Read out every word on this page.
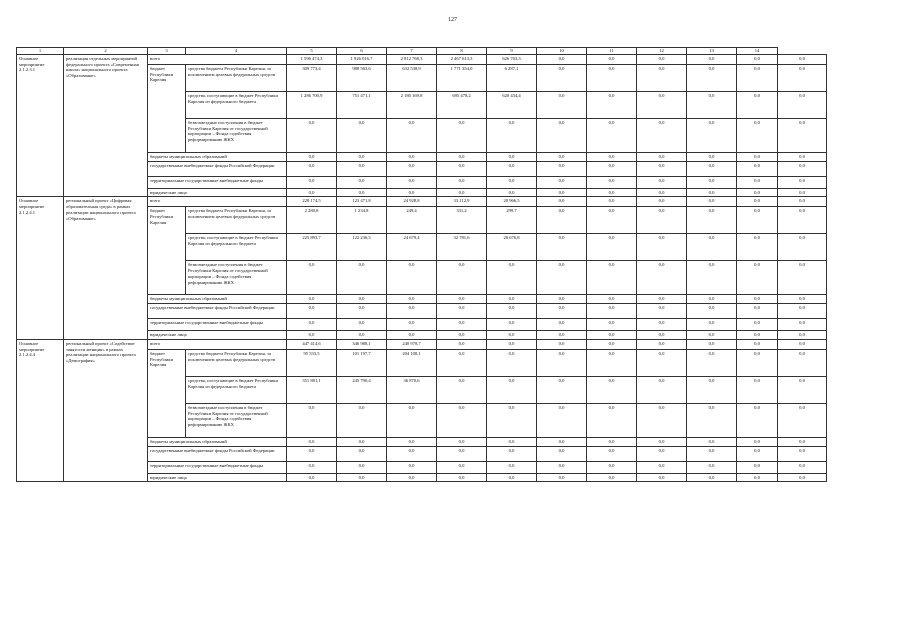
127
1	2	3	4	5	6	7	8	9	10	11	12	13	14	
Основное мероприятие 2.1.2.3.1	реализация отдельных мероприятий федерального проекта «Современная школа» национального проекта «Образование»	всего		1 596 474,3	1 926 016,7	2 812 768,3	2 467 613,3	626 763,3	0,0	0,0	0,0	0,0	0,0	0,0
		бюджет Республики Карелия	средства бюджета Республики Карелия, за исключением целевых федеральных средств	309 773,4	988 563,6	632 538,9	1 771 354,0	6 287,1	0,0	0,0	0,0	0,0	0,0	0,0
			средства, поступающие в бюджет Республики Карелия из федерального бюджета	1 286 700,9	751 471,1	2 180 169,8	695 478,2	620 434,4	0,0	0,0	0,0	0,0	0,0	0,0
			безвозмездные поступления в бюджет Республики Карелия от государственной корпорации – Фонда содействия реформированию ЖКХ	0,0	0,0	0,0	0,0	0,0	0,0	0,0	0,0	0,0	0,0	0,0
		бюджеты муниципальных образований		0,0	0,0	0,0	0,0	0,0	0,0	0,0	0,0	0,0	0,0	0,0
		государственные внебюджетные фонды Российской Федерации		0,0	0,0	0,0	0,0	0,0	0,0	0,0	0,0	0,0	0,0	0,0
		территориальные государственные внебюджетные фонды		0,0	0,0	0,0	0,0	0,0	0,0	0,0	0,0	0,0	0,0	0,0
		юридические лица		0,0	0,0	0,0	0,0	0,0	0,0	0,0	0,0	0,0	0,0	0,0
Основное мероприятие 2.1.2.4.1	региональный проект «Цифровая образовательная среда» в рамках реализации национального проекта «Образование»	всего		228 174,5	123 471,8	24 928,8	33 112,9	20 966,5	0,0	0,0	0,0	0,0	0,0	0,0
		бюджет Республики Карелия	средства бюджета Республики Карелия, за исключением целевых федеральных средств	2 280,8	1 234,8	249,4	331,2	299,7	0,0	0,0	0,0	0,0	0,0	0,0
			средства, поступающие в бюджет Республики Карелия из федерального бюджета	225 893,7	122 236,5	24 679,4	32 781,6	20 676,8	0,0	0,0	0,0	0,0	0,0	0,0
			безвозмездные поступления в бюджет Республики Карелия от государственной корпорации – Фонда содействия реформированию ЖКХ	0,0	0,0	0,0	0,0	0,0	0,0	0,0	0,0	0,0	0,0	0,0
		бюджеты муниципальных образований		0,0	0,0	0,0	0,0	0,0	0,0	0,0	0,0	0,0	0,0	0,0
		государственные внебюджетные фонды Российской Федерации		0,0	0,0	0,0	0,0	0,0	0,0	0,0	0,0	0,0	0,0	0,0
		территориальные государственные внебюджетные фонды		0,0	0,0	0,0	0,0	0,0	0,0	0,0	0,0	0,0	0,0	0,0
		юридические лица		0,0	0,0	0,0	0,0	0,0	0,0	0,0	0,0	0,0	0,0	0,0
Основное мероприятие 2.1.2.4.4	региональный проект «Содействие занятости женщин» в рамках реализации национального проекта «Демография»	всего		447 414,6	346 988,1	240 978,7	0,0	0,0	0,0	0,0	0,0	0,0	0,0	0,0
		бюджет Республики Карелия	средства бюджета Республики Карелия, за исключением целевых федеральных средств	95 533,5	101 197,7	204 108,1	0,0	0,0	0,0	0,0	0,0	0,0	0,0	0,0
			средства, поступающие в бюджет Республики Карелия из федерального бюджета	351 881,1	245 790,4	36 870,6	0,0	0,0	0,0	0,0	0,0	0,0	0,0	0,0
			безвозмездные поступления в бюджет Республики Карелия от государственной корпорации – Фонда содействия реформированию ЖКХ	0,0	0,0	0,0	0,0	0,0	0,0	0,0	0,0	0,0	0,0	0,0
		бюджеты муниципальных образований		0,0	0,0	0,0	0,0	0,0	0,0	0,0	0,0	0,0	0,0	0,0
		государственные внебюджетные фонды Российской Федерации		0,0	0,0	0,0	0,0	0,0	0,0	0,0	0,0	0,0	0,0	0,0
		территориальные государственные внебюджетные фонды		0,0	0,0	0,0	0,0	0,0	0,0	0,0	0,0	0,0	0,0	0,0
		юридические лица		0,0	0,0	0,0	0,0	0,0	0,0	0,0	0,0	0,0	0,0	0,0
